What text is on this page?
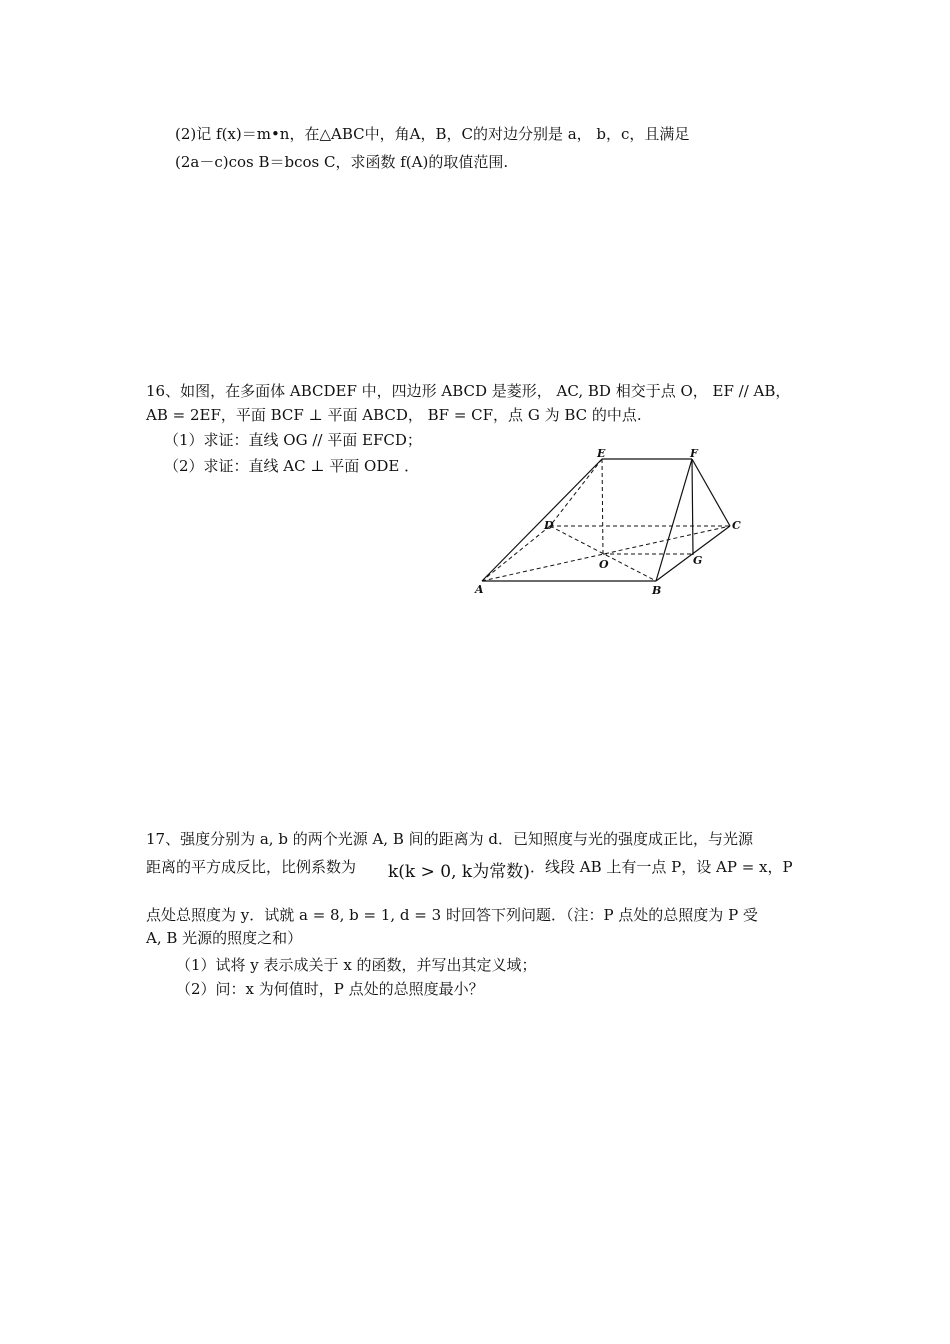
(2)记 f(x)＝m•n，在△ABC中，角A，B，C的对边分别是 a， b，c，且满足
(2a－c)cos B＝bcos C，求函数 f(A)的取值范围.
16、如图，在多面体 ABCDEF 中，四边形 ABCD 是菱形， AC, BD 相交于点 O， EF // AB，
AB = 2EF，平面 BCF ⊥ 平面 ABCD， BF = CF，点 G 为 BC 的中点.
（1）求证：直线 OG // 平面 EFCD；
（2）求证：直线 AC ⊥ 平面 ODE ．
E	F
D	C
O	G
A	B
17、强度分别为 a, b 的两个光源 A, B 间的距离为 d．已知照度与光的强度成正比，与光源
距离的平方成反比，比例系数为 k(k > 0, k为常数) ．线段 AB 上有一点 P，设 AP = x，P
点处总照度为 y．试就 a = 8, b = 1, d = 3 时回答下列问题．（注：P 点处的总照度为 P 受
A, B 光源的照度之和）
（1）试将 y 表示成关于 x 的函数，并写出其定义域；
（2）问：x 为何值时，P 点处的总照度最小？
